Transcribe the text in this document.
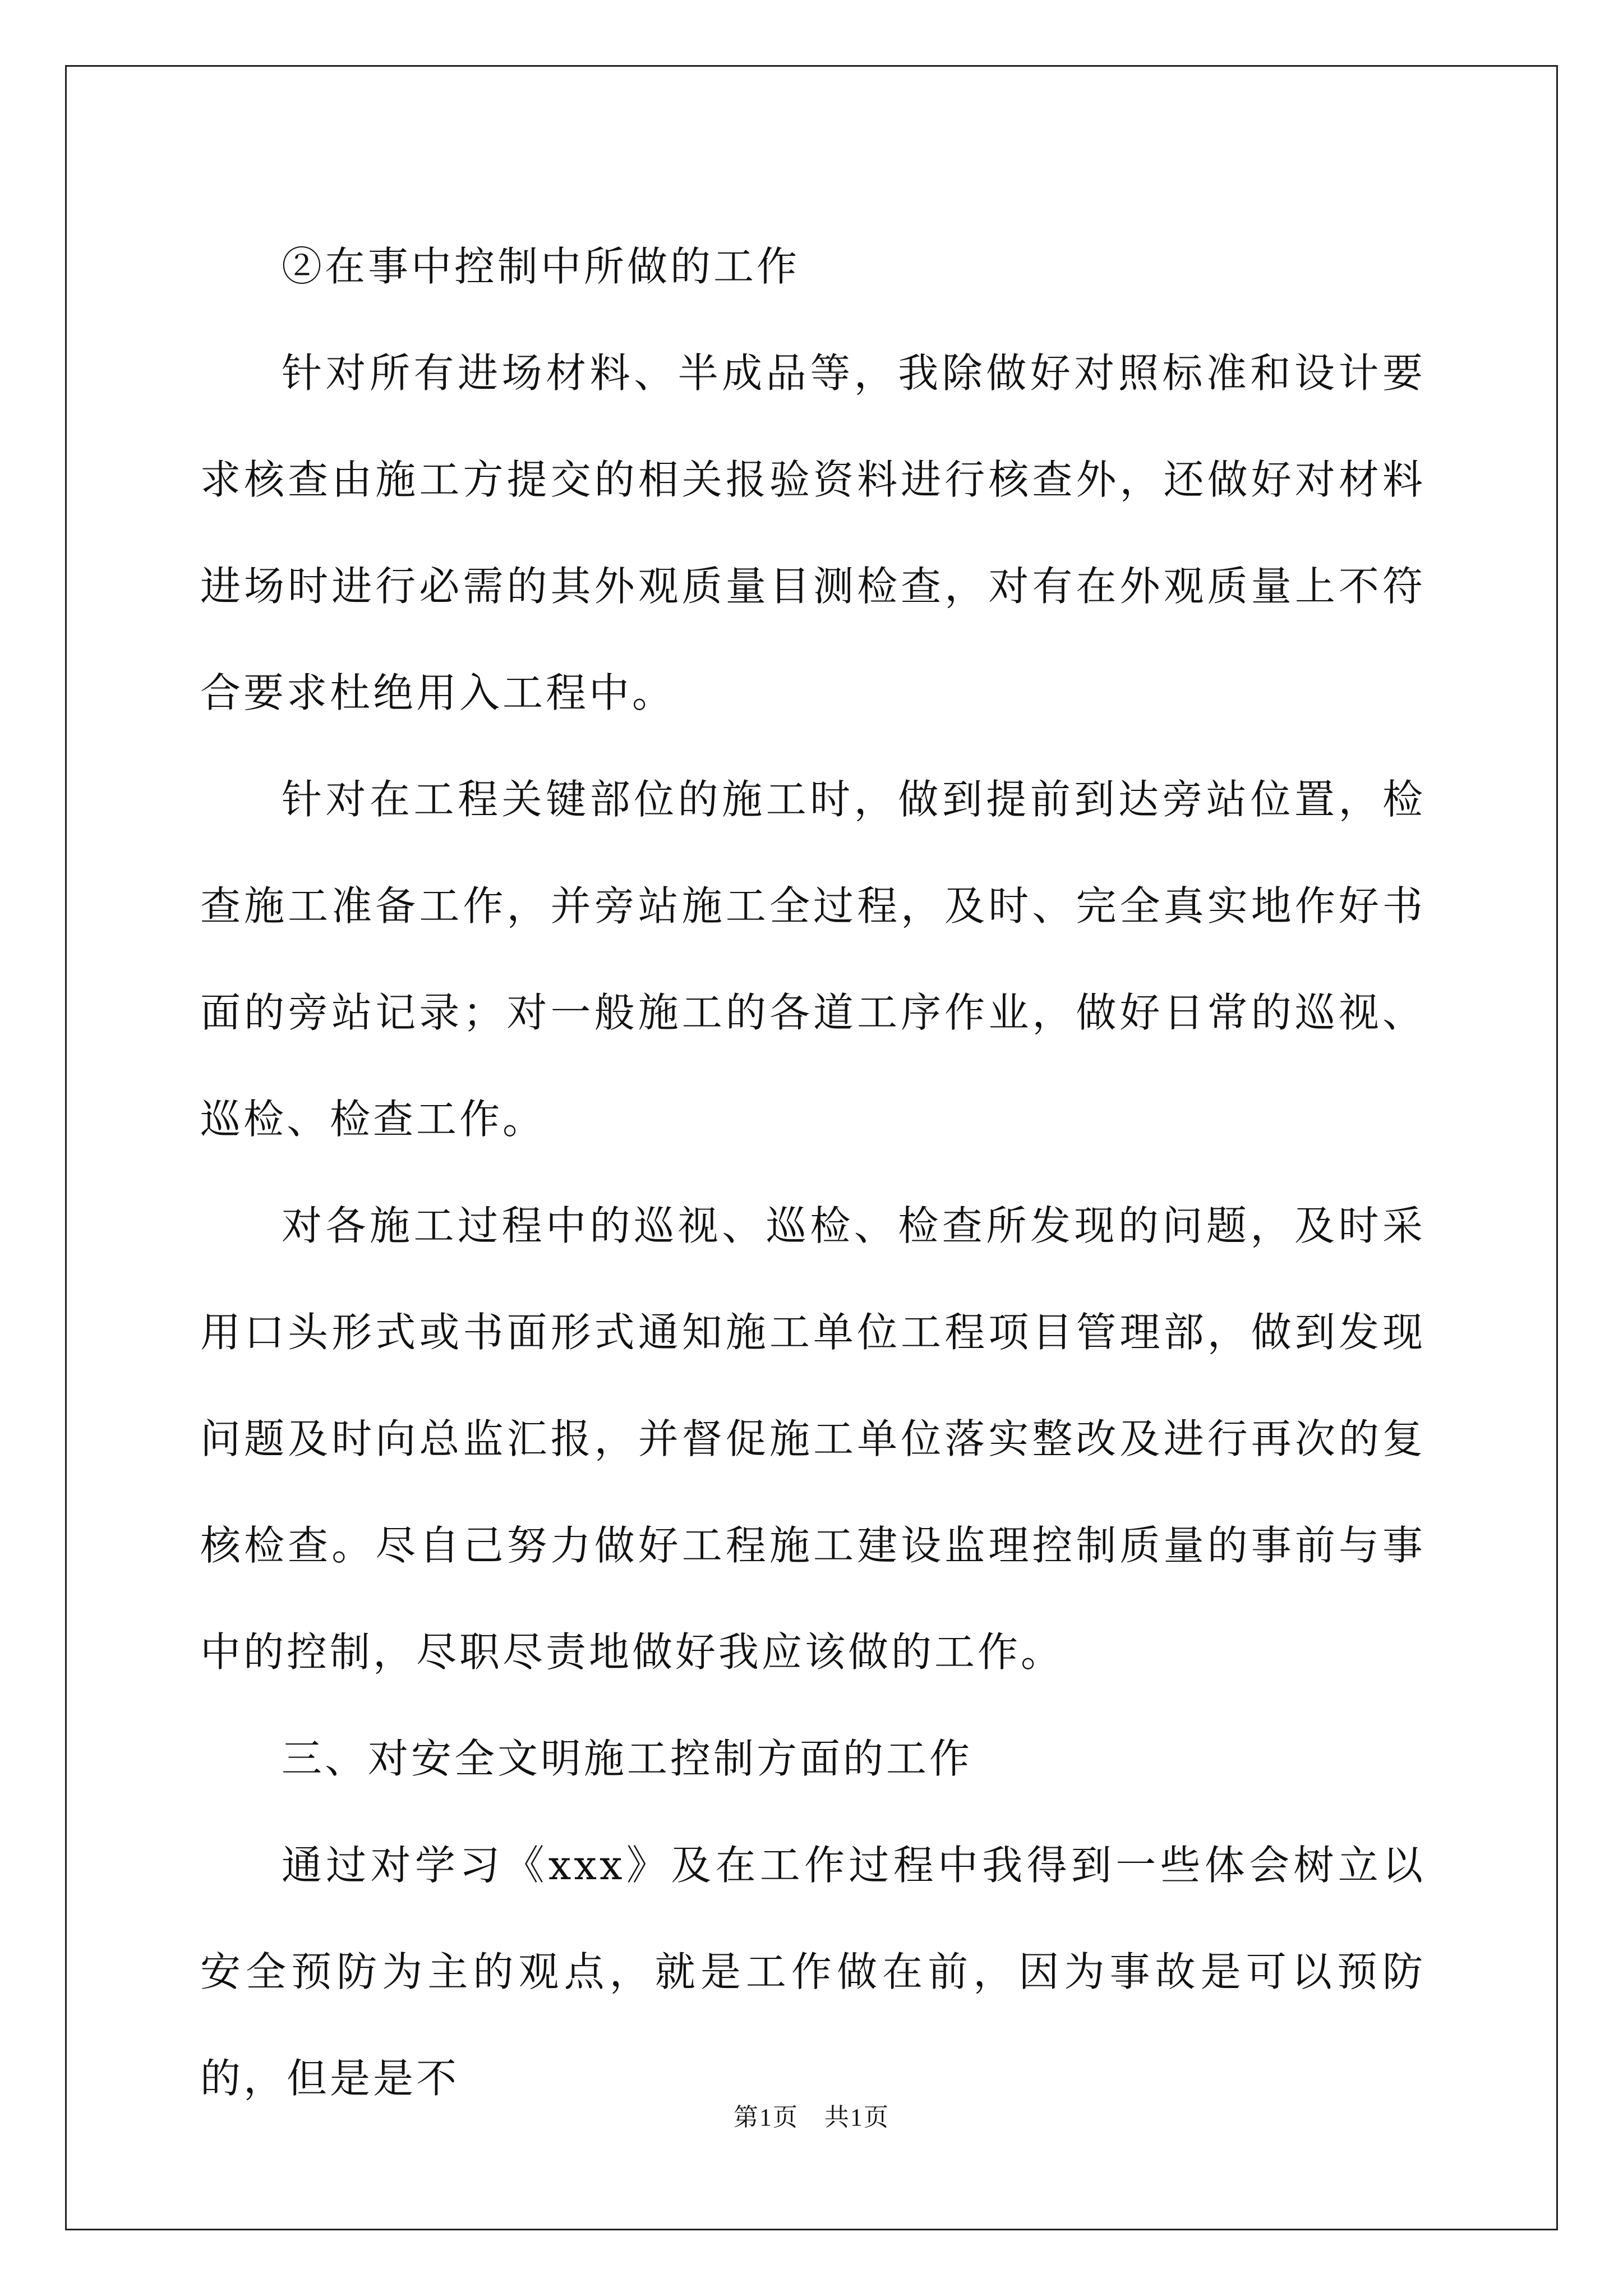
②在事中控制中所做的工作

针对所有进场材料、半成品等，我除做好对照标准和设计要求核查由施工方提交的相关报验资料进行核查外，还做好对材料进场时进行必需的其外观质量目测检查，对有在外观质量上不符合要求杜绝用入工程中。

针对在工程关键部位的施工时，做到提前到达旁站位置，检查施工准备工作，并旁站施工全过程，及时、完全真实地作好书面的旁站记录；对一般施工的各道工序作业，做好日常的巡视、巡检、检查工作。

对各施工过程中的巡视、巡检、检查所发现的问题，及时采用口头形式或书面形式通知施工单位工程项目管理部，做到发现问题及时向总监汇报，并督促施工单位落实整改及进行再次的复核检查。尽自己努力做好工程施工建设监理控制质量的事前与事中的控制，尽职尽责地做好我应该做的工作。

三、对安全文明施工控制方面的工作

通过对学习《xxx》及在工作过程中我得到一些体会树立以安全预防为主的观点，就是工作做在前，因为事故是可以预防的，但是是不

第1页　共1页
